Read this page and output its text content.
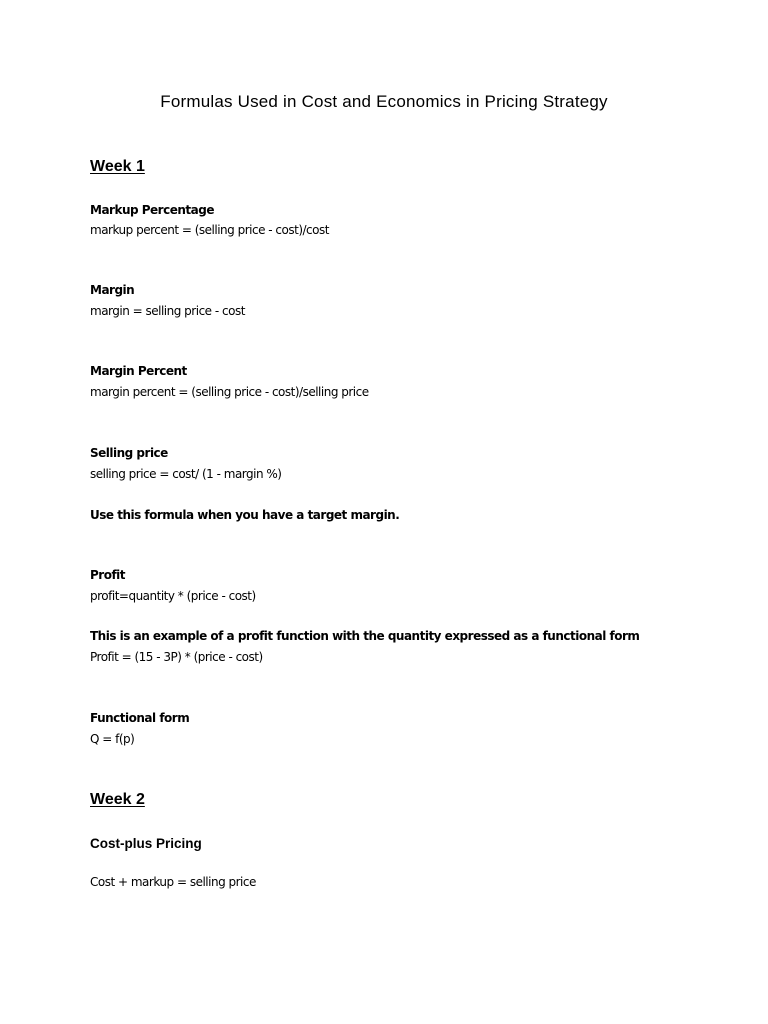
Formulas Used in Cost and Economics in Pricing Strategy
Week 1
Markup Percentage
markup percent = (selling price - cost)/cost
Margin
margin = selling price - cost
Margin Percent
margin percent = (selling price - cost)/selling price
Selling price
selling price = cost/ (1 - margin %)
Use this formula when you have a target margin.
Profit
profit=quantity * (price - cost)
This is an example of a profit function with the quantity expressed as a functional form
Profit = (15 - 3P) * (price - cost)
Functional form
Q = f(p)
Week 2
Cost-plus Pricing
Cost + markup = selling price
